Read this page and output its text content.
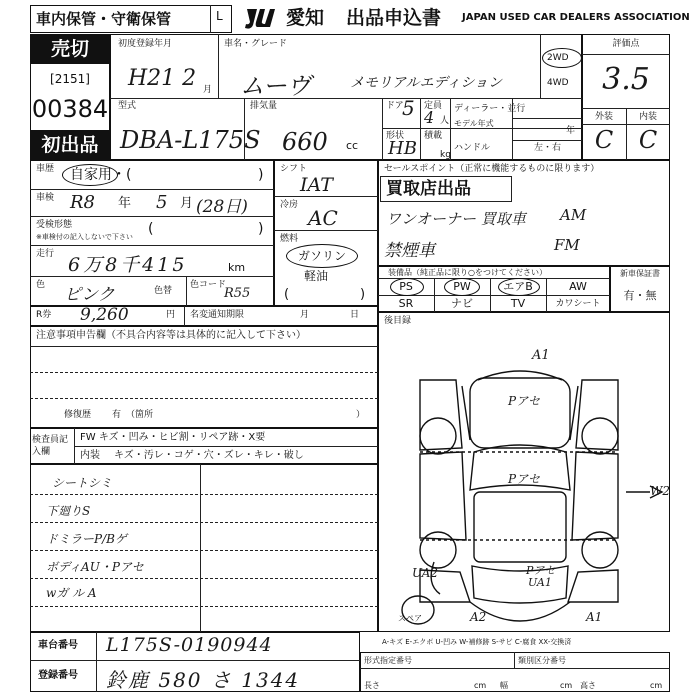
車内保管・守衛保管	L	愛知 出品申込書 JAPAN USED CAR DEALERS ASSOCIATION
売切
[2151]
00384
初出品
初度登録年月
H21 2 月
車名・グレード
ムーヴ	メモリアルエディション
型式
DBA-L175S
排気量
660 cc
ドア
5 定員
4 人
形状
HB
積載
kg
ディーラー・並行
モデル年式
年
ハンドル	左・右
2WD
4WD
評価点
3.5
外装	内装
C	C
車歴 自家用・(	)
車検 R8 年 5 月 (28日)
受検形態
※車検付の記入しないで下さい (	)
走行 6万8千415	km
色 ピンク	色替
色コード
R55
シフト
IAT
冷房
AC
燃料
ガソリン
軽油
(	)
セールスポイント（正常に機能するものに限ります）
買取店出品
ワンオーナー 買取車
禁煙車
AM
FM
装備品（純正品に限り○をつけてください）
PS	PW	エアB	AW
SR	ナビ	TV	カワシート
新車保証書
有・無
R券 9,260	円 名変通知期限	月	日
後目録
注意事項申告欄（不具合内容等は具体的に記入して下さい）
修復歴 有 （箇所	）
検査員記入欄
FW キズ・凹み・ヒビ割・リペア跡・X要
内装 キズ・汚レ・コゲ・穴・ズレ・キレ・破し
シートシミ
下廻りS
ドミラーP/Bゲ
ボディAU・Pアセ
wガ ル A
A1
Pアセ
Pアセ
W2
UA2	Pアセ
UA1
A2	A1
スペア
車台番号 L175S-0190944
登録番号 鈴鹿 580 さ 1344
A-キズ E-エクボ U-凹み W-補修跡 S-サビ C-腐食 XX-交換済
形式指定番号	類別区分番号
長さ	cm 幅	cm 高さ	cm
